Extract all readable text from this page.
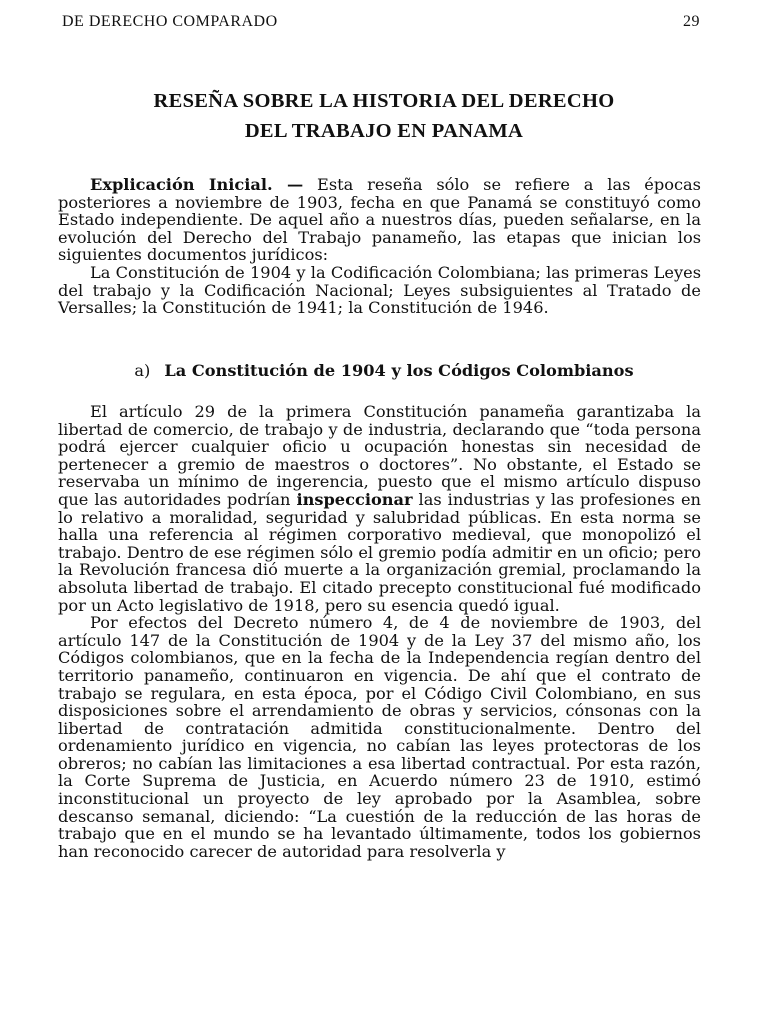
DE DERECHO COMPARADO	29
RESEÑA SOBRE LA HISTORIA DEL DERECHO
DEL TRABAJO EN PANAMA

Explicación Inicial. — Esta reseña sólo se refiere a las épocas posteriores a noviembre de 1903, fecha en que Panamá se constituyó como Estado independiente. De aquel año a nuestros días, pueden señalarse, en la evolución del Derecho del Trabajo panameño, las etapas que inician los siguientes documentos jurídicos:

La Constitución de 1904 y la Codificación Colombiana; las primeras Leyes del trabajo y la Codificación Nacional; Leyes subsiguientes al Tratado de Versalles; la Constitución de 1941; la Constitución de 1946.

a) La Constitución de 1904 y los Códigos Colombianos

El artículo 29 de la primera Constitución panameña garantizaba la libertad de comercio, de trabajo y de industria, declarando que “toda persona podrá ejercer cualquier oficio u ocupación honestas sin necesidad de pertenecer a gremio de maestros o doctores”. No obstante, el Estado se reservaba un mínimo de ingerencia, puesto que el mismo artículo dispuso que las autoridades podrían inspeccionar las industrias y las profesiones en lo relativo a moralidad, seguridad y salubridad públicas. En esta norma se halla una referencia al régimen corporativo medieval, que monopolizó el trabajo. Dentro de ese régimen sólo el gremio podía admitir en un oficio; pero la Revolución francesa dió muerte a la organización gremial, proclamando la absoluta libertad de trabajo. El citado precepto constitucional fué modificado por un Acto legislativo de 1918, pero su esencia quedó igual.

Por efectos del Decreto número 4, de 4 de noviembre de 1903, del artículo 147 de la Constitución de 1904 y de la Ley 37 del mismo año, los Códigos colombianos, que en la fecha de la Independencia regían dentro del territorio panameño, continuaron en vigencia. De ahí que el contrato de trabajo se regulara, en esta época, por el Código Civil Colombiano, en sus disposiciones sobre el arrendamiento de obras y servicios, cónsonas con la libertad de contratación admitida constitucionalmente. Dentro del ordenamiento jurídico en vigencia, no cabían las leyes protectoras de los obreros; no cabían las limitaciones a esa libertad contractual. Por esta razón, la Corte Suprema de Justicia, en Acuerdo número 23 de 1910, estimó inconstitucional un proyecto de ley aprobado por la Asamblea, sobre descanso semanal, diciendo: “La cuestión de la reducción de las horas de trabajo que en el mundo se ha levantado últimamente, todos los gobiernos han reconocido carecer de autoridad para resolverla y
